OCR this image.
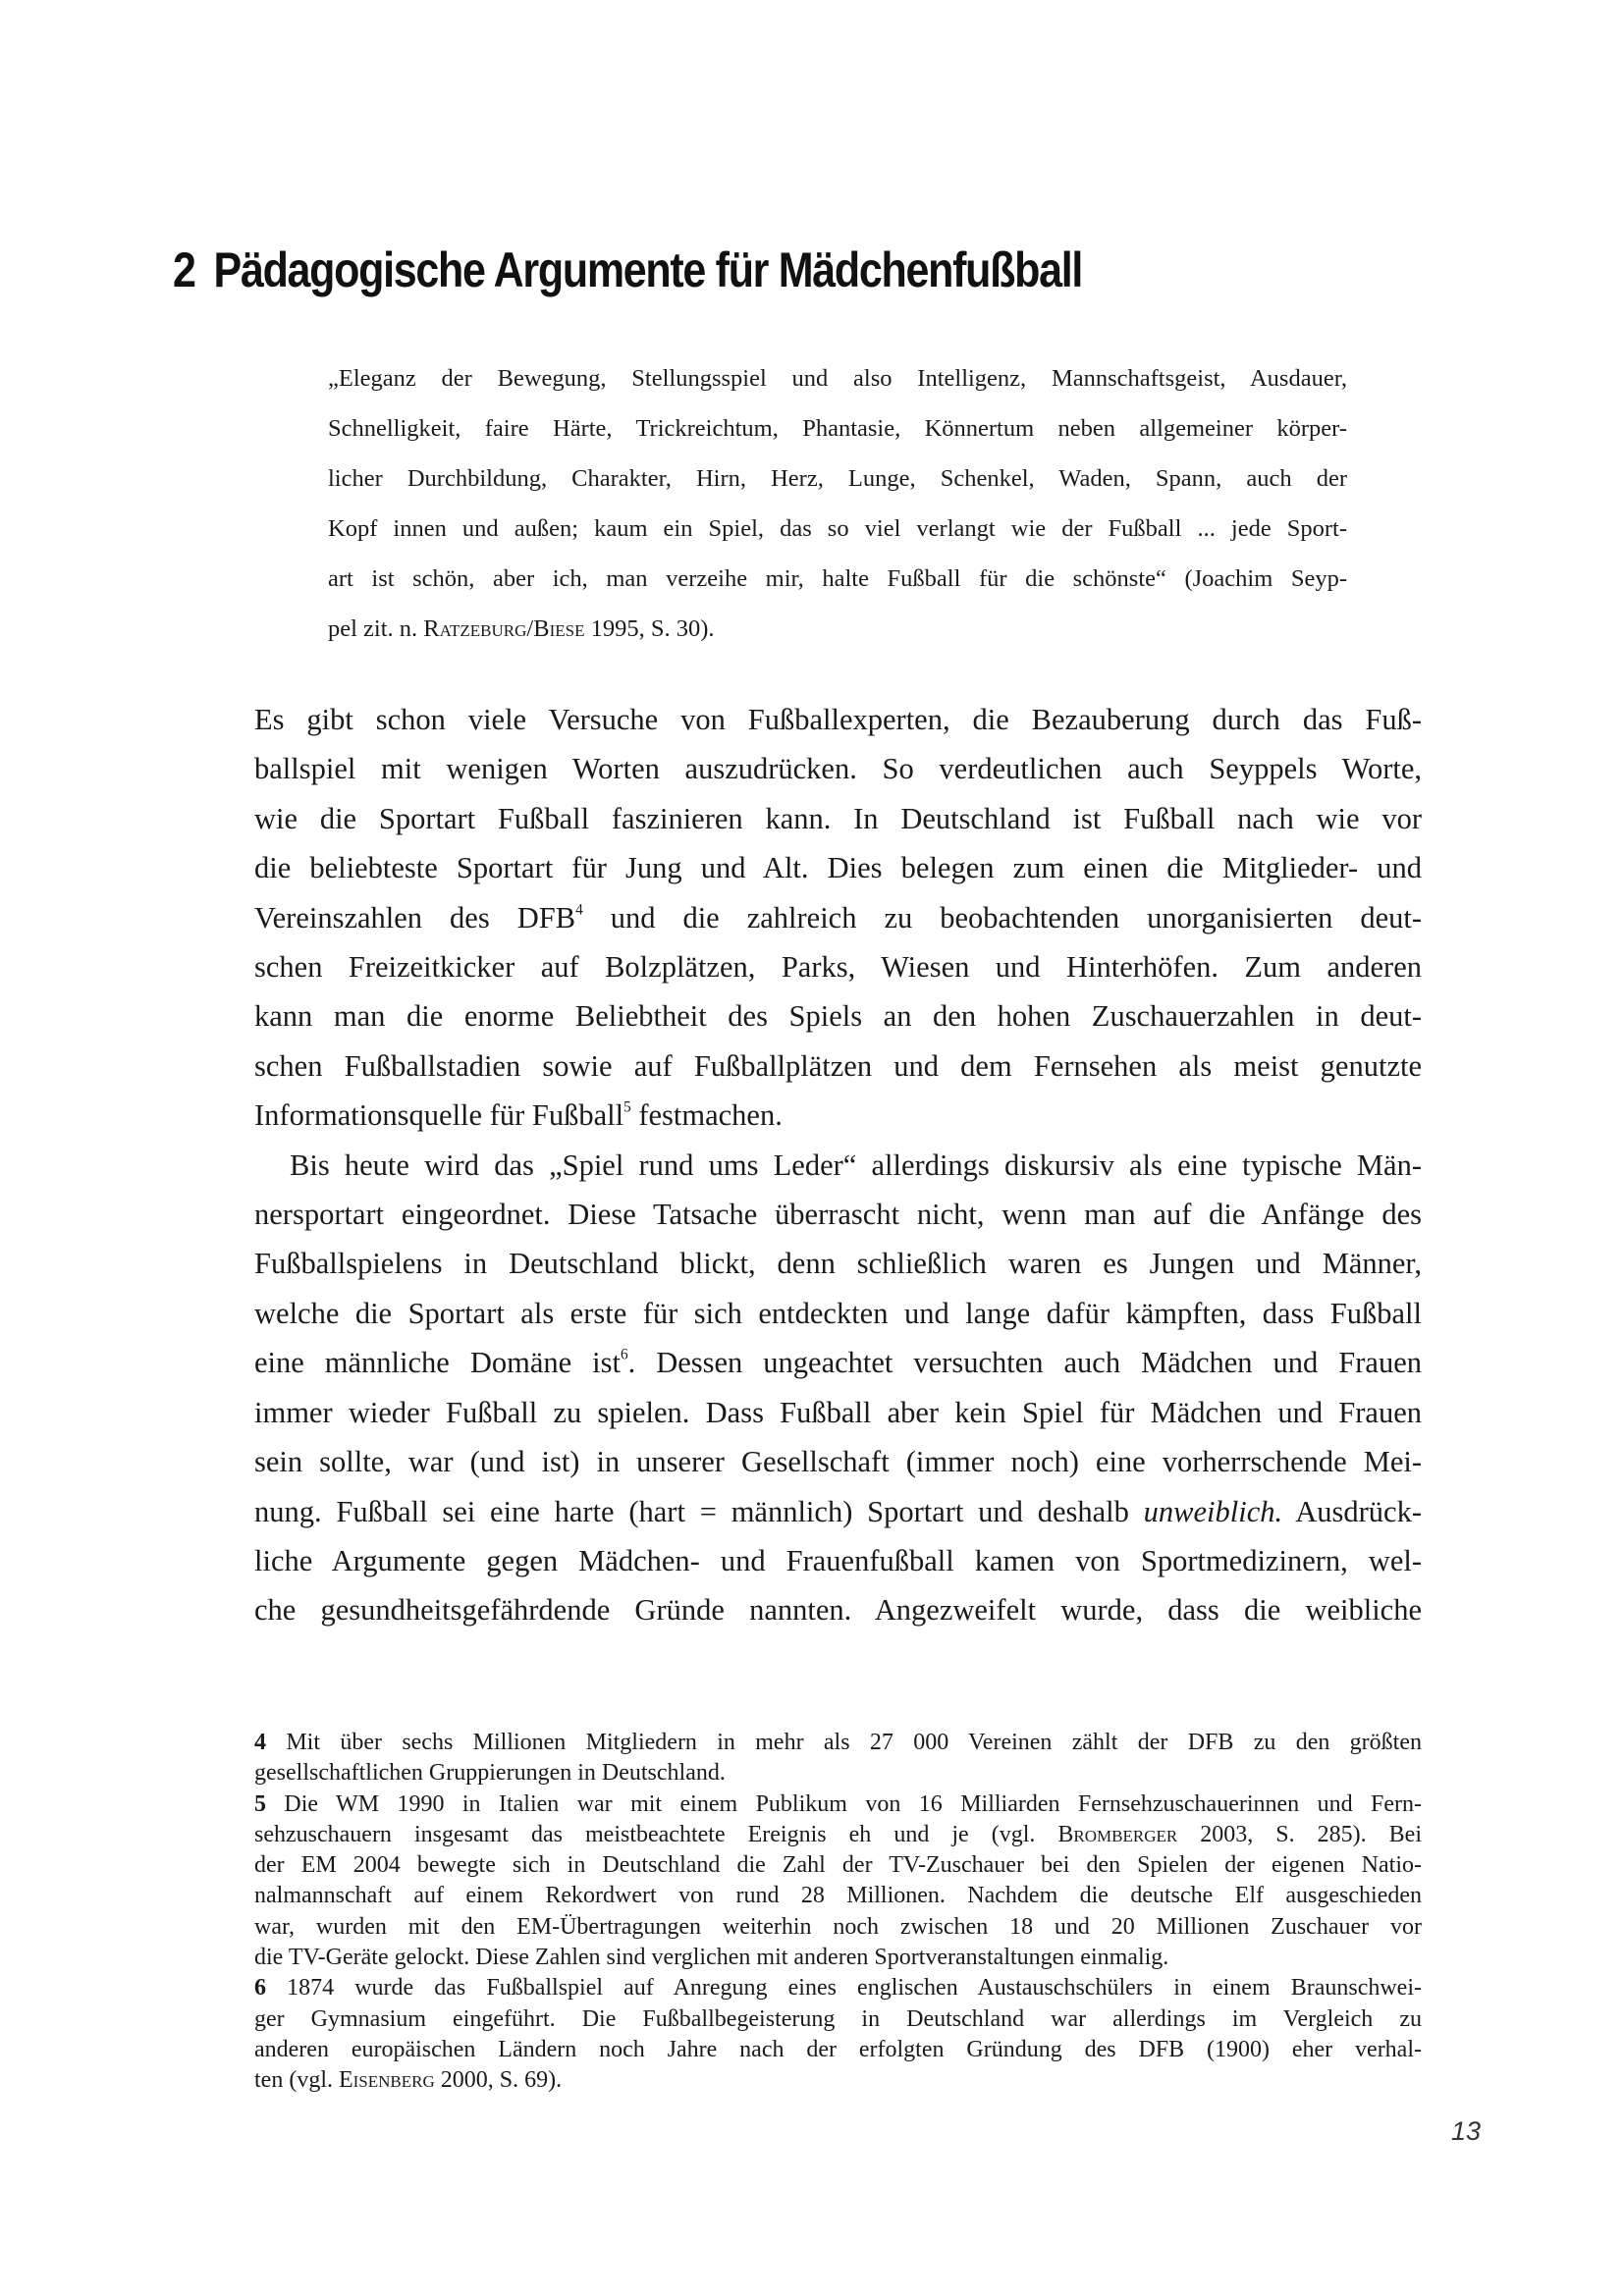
2 Pädagogische Argumente für Mädchenfußball
„Eleganz der Bewegung, Stellungsspiel und also Intelligenz, Mannschaftsgeist, Ausdauer,
Schnelligkeit, faire Härte, Trickreichtum, Phantasie, Könnertum neben allgemeiner körper-
licher Durchbildung, Charakter, Hirn, Herz, Lunge, Schenkel, Waden, Spann, auch der
Kopf innen und außen; kaum ein Spiel, das so viel verlangt wie der Fußball ... jede Sport-
art ist schön, aber ich, man verzeihe mir, halte Fußball für die schönste“ (Joachim Seyp-
pel zit. n. Ratzeburg/Biese 1995, S. 30).
Es gibt schon viele Versuche von Fußballexperten, die Bezauberung durch das Fuß-
ballspiel mit wenigen Worten auszudrücken. So verdeutlichen auch Seyppels Worte,
wie die Sportart Fußball faszinieren kann. In Deutschland ist Fußball nach wie vor
die beliebteste Sportart für Jung und Alt. Dies belegen zum einen die Mitglieder- und
Vereinszahlen des DFB$^4$ und die zahlreich zu beobachtenden unorganisierten deut-
schen Freizeitkicker auf Bolzplätzen, Parks, Wiesen und Hinterhöfen. Zum anderen
kann man die enorme Beliebtheit des Spiels an den hohen Zuschauerzahlen in deut-
schen Fußballstadien sowie auf Fußballplätzen und dem Fernsehen als meist genutzte
Informationsquelle für Fußball$^5$ festmachen.
Bis heute wird das „Spiel rund ums Leder“ allerdings diskursiv als eine typische Män-
nersportart eingeordnet. Diese Tatsache überrascht nicht, wenn man auf die Anfänge des
Fußballspielens in Deutschland blickt, denn schließlich waren es Jungen und Männer,
welche die Sportart als erste für sich entdeckten und lange dafür kämpften, dass Fußball
eine männliche Domäne ist$^6$. Dessen ungeachtet versuchten auch Mädchen und Frauen
immer wieder Fußball zu spielen. Dass Fußball aber kein Spiel für Mädchen und Frauen
sein sollte, war (und ist) in unserer Gesellschaft (immer noch) eine vorherrschende Mei-
nung. Fußball sei eine harte (hart = männlich) Sportart und deshalb unweiblich. Ausdrück-
liche Argumente gegen Mädchen- und Frauenfußball kamen von Sportmedizinern, wel-
che gesundheitsgefährdende Gründe nannten. Angezweifelt wurde, dass die weibliche
4 Mit über sechs Millionen Mitgliedern in mehr als 27 000 Vereinen zählt der DFB zu den größten
gesellschaftlichen Gruppierungen in Deutschland.
5 Die WM 1990 in Italien war mit einem Publikum von 16 Milliarden Fernsehzuschauerinnen und Fern-
sehzuschauern insgesamt das meistbeachtete Ereignis eh und je (vgl. Bromberger 2003, S. 285). Bei
der EM 2004 bewegte sich in Deutschland die Zahl der TV-Zuschauer bei den Spielen der eigenen Natio-
nalmannschaft auf einem Rekordwert von rund 28 Millionen. Nachdem die deutsche Elf ausgeschieden
war, wurden mit den EM-Übertragungen weiterhin noch zwischen 18 und 20 Millionen Zuschauer vor
die TV-Geräte gelockt. Diese Zahlen sind verglichen mit anderen Sportveranstaltungen einmalig.
6 1874 wurde das Fußballspiel auf Anregung eines englischen Austauschschülers in einem Braunschwei-
ger Gymnasium eingeführt. Die Fußballbegeisterung in Deutschland war allerdings im Vergleich zu
anderen europäischen Ländern noch Jahre nach der erfolgten Gründung des DFB (1900) eher verhal-
ten (vgl. Eisenberg 2000, S. 69).
13
